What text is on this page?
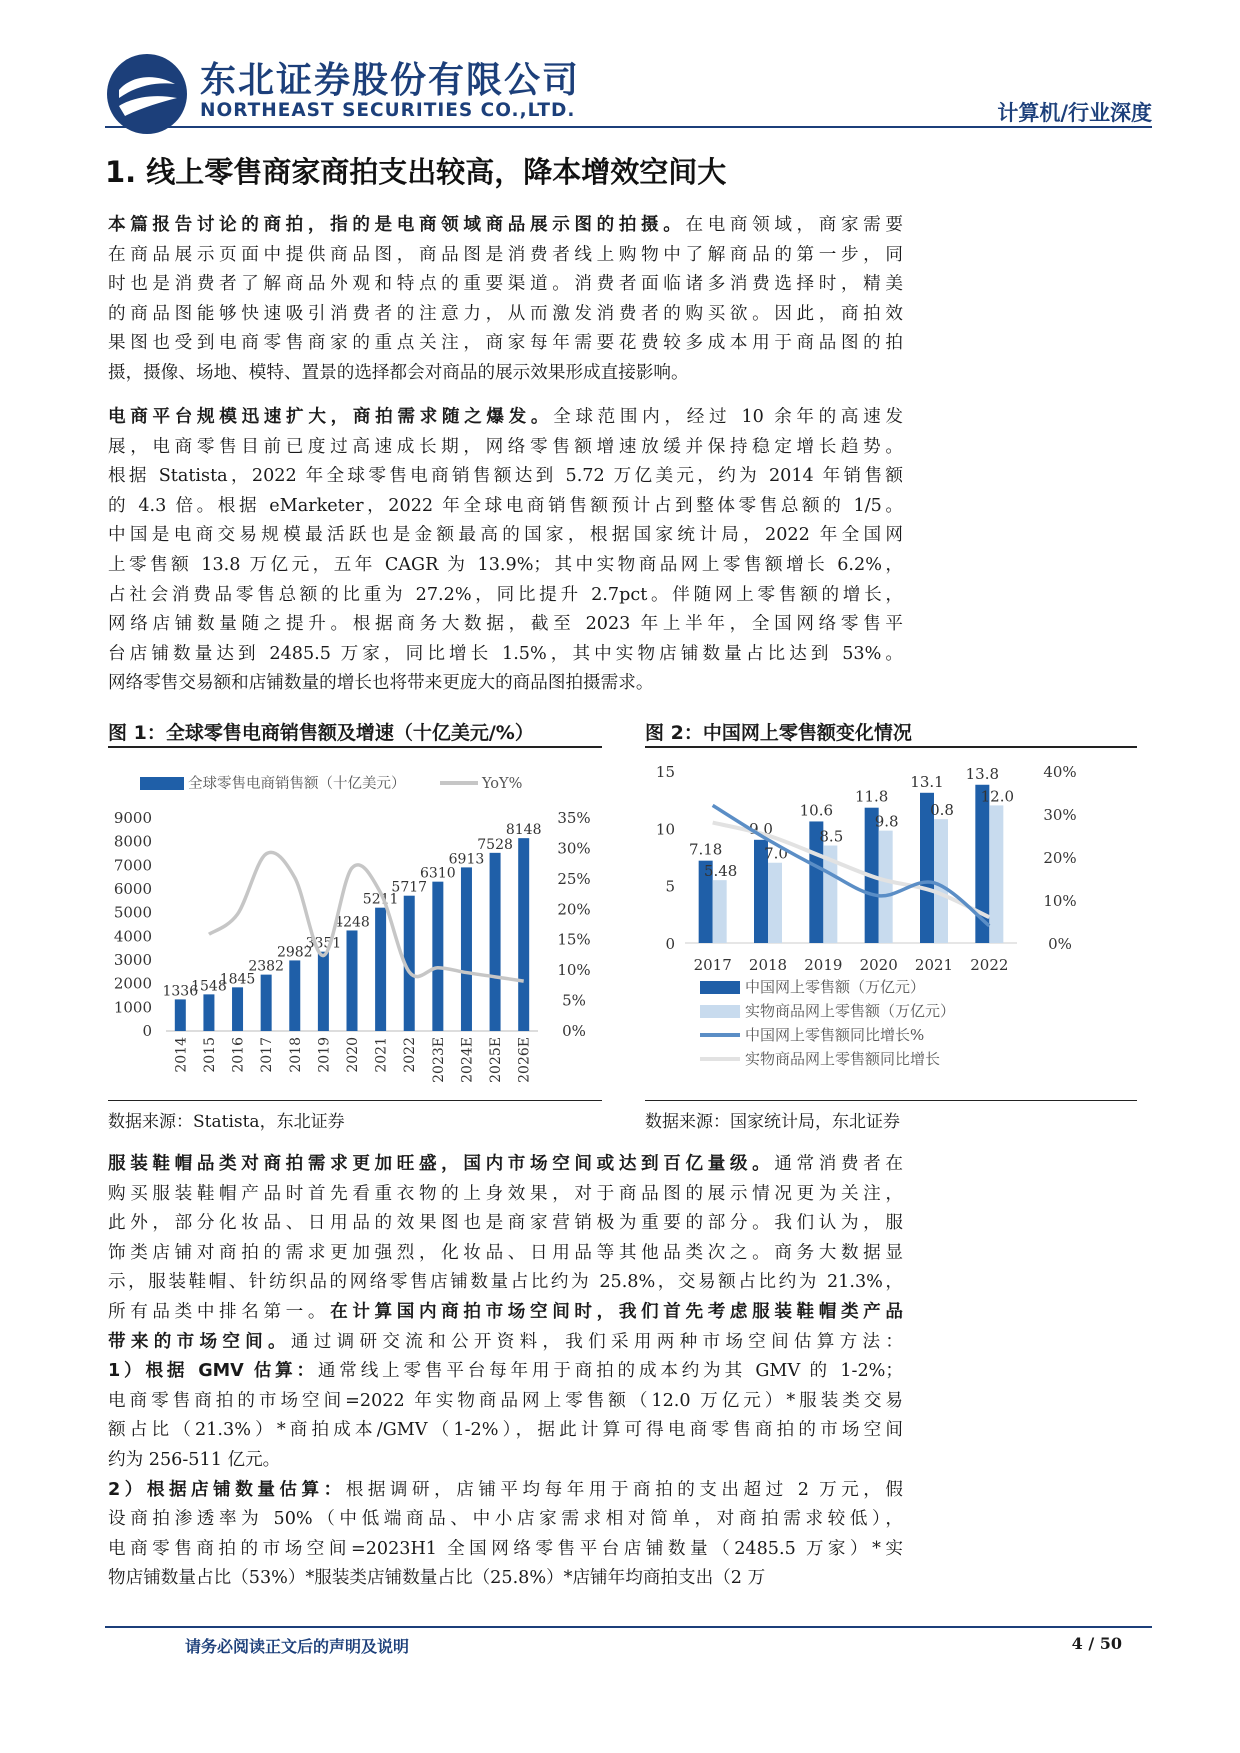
东北证券股份有限公司
NORTHEAST SECURITIES CO.,LTD.	计算机/行业深度
1. 线上零售商家商拍支出较高，降本增效空间大
本篇报告讨论的商拍，指的是电商领域商品展示图的拍摄。在电商领域，商家需要
在商品展示页面中提供商品图，商品图是消费者线上购物中了解商品的第一步，同
时也是消费者了解商品外观和特点的重要渠道。消费者面临诸多消费选择时，精美
的商品图能够快速吸引消费者的注意力，从而激发消费者的购买欲。因此，商拍效
果图也受到电商零售商家的重点关注，商家每年需要花费较多成本用于商品图的拍
摄，摄像、场地、模特、置景的选择都会对商品的展示效果形成直接影响。
电商平台规模迅速扩大，商拍需求随之爆发。全球范围内，经过 10 余年的高速发
展，电商零售目前已度过高速成长期，网络零售额增速放缓并保持稳定增长趋势。
根据 Statista，2022 年全球零售电商销售额达到 5.72 万亿美元，约为 2014 年销售额
的 4.3 倍。根据 eMarketer，2022 年全球电商销售额预计占到整体零售总额的 1/5。
中国是电商交易规模最活跃也是金额最高的国家，根据国家统计局，2022 年全国网
上零售额 13.8 万亿元，五年 CAGR 为 13.9%；其中实物商品网上零售额增长 6.2%，
占社会消费品零售总额的比重为 27.2%，同比提升 2.7pct。伴随网上零售额的增长，
网络店铺数量随之提升。根据商务大数据，截至 2023 年上半年，全国网络零售平
台店铺数量达到 2485.5 万家，同比增长 1.5%，其中实物店铺数量占比达到 53%。
网络零售交易额和店铺数量的增长也将带来更庞大的商品图拍摄需求。
图 1：全球零售电商销售额及增速（十亿美元/%）
全球零售电商销售额（十亿美元）	YoY%
0
1000
2000
3000
4000
5000
6000
7000
8000
9000
0%
5%
10%
15%
20%
25%
30%
35%
1336
2014
1548
2015
1845
2016
2382
2017
2982
2018
3351
2019
4248
2020
5211
2021
5717
2022
6310
2023E
6913
2024E
7528
2025E
8148
2026E
数据来源：Statista，东北证券
图 2：中国网上零售额变化情况
0
5
10
15
0%
10%
20%
30%
40%
7.18
5.48
2017
9.0
7.0
2018
10.6
8.5
2019
11.8
9.8
2020
13.1
0.8
2021
13.8
12.0
2022
中国网上零售额（万亿元）
实物商品网上零售额（万亿元）
中国网上零售额同比增长%
实物商品网上零售额同比增长
数据来源：国家统计局，东北证券
服装鞋帽品类对商拍需求更加旺盛，国内市场空间或达到百亿量级。通常消费者在
购买服装鞋帽产品时首先看重衣物的上身效果，对于商品图的展示情况更为关注，
此外，部分化妆品、日用品的效果图也是商家营销极为重要的部分。我们认为，服
饰类店铺对商拍的需求更加强烈，化妆品、日用品等其他品类次之。商务大数据显
示，服装鞋帽、针纺织品的网络零售店铺数量占比约为 25.8%，交易额占比约为 21.3%，
所有品类中排名第一。在计算国内商拍市场空间时，我们首先考虑服装鞋帽类产品
带来的市场空间。通过调研交流和公开资料，我们采用两种市场空间估算方法：
1）根据 GMV 估算：通常线上零售平台每年用于商拍的成本约为其 GMV 的 1-2%；
电商零售商拍的市场空间=2022 年实物商品网上零售额（12.0 万亿元）*服装类交易
额占比（21.3%）*商拍成本/GMV（1-2%），据此计算可得电商零售商拍的市场空间
约为 256-511 亿元。
2）根据店铺数量估算：根据调研，店铺平均每年用于商拍的支出超过 2 万元，假
设商拍渗透率为 50%（中低端商品、中小店家需求相对简单，对商拍需求较低），
电商零售商拍的市场空间=2023H1 全国网络零售平台店铺数量（2485.5 万家）*实
物店铺数量占比（53%）*服装类店铺数量占比（25.8%）*店铺年均商拍支出（2 万
请务必阅读正文后的声明及说明	4 / 50
